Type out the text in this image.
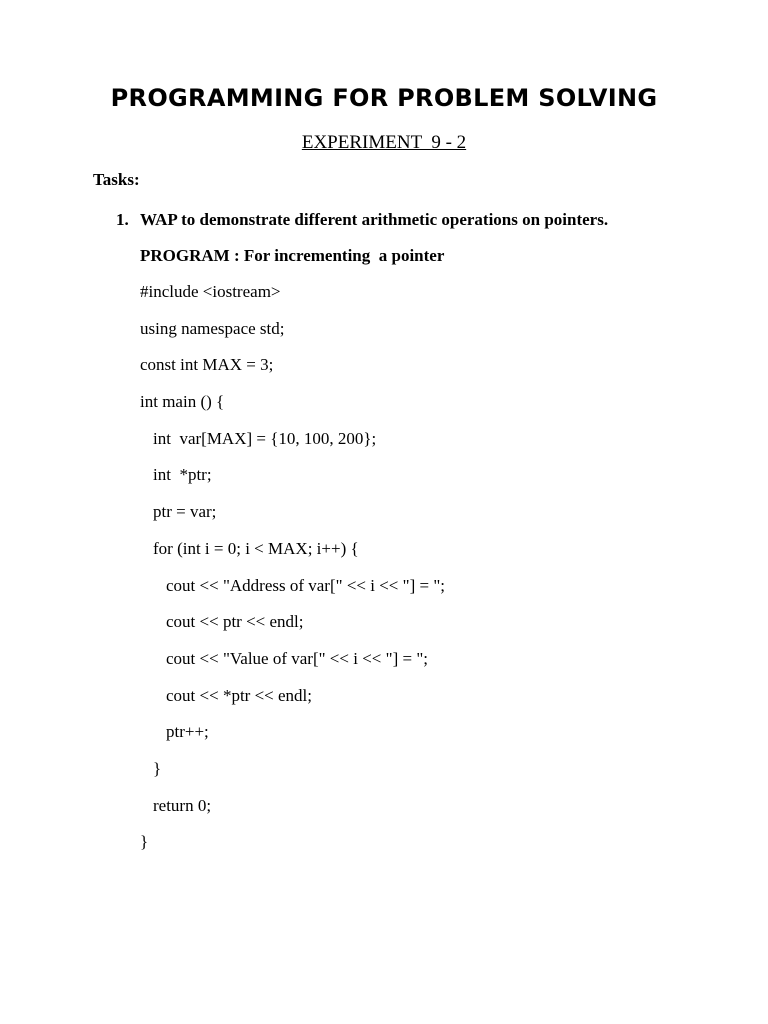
PROGRAMMING FOR PROBLEM SOLVING
EXPERIMENT  9 - 2
Tasks:
1. WAP to demonstrate different arithmetic operations on pointers.
PROGRAM : For incrementing  a pointer
#include <iostream>
using namespace std;
const int MAX = 3;
int main () {
int  var[MAX] = {10, 100, 200};
int  *ptr;
ptr = var;
for (int i = 0; i < MAX; i++) {
cout << "Address of var[" << i << "] = ";
cout << ptr << endl;
cout << "Value of var[" << i << "] = ";
cout << *ptr << endl;
ptr++;
}
return 0;
}
